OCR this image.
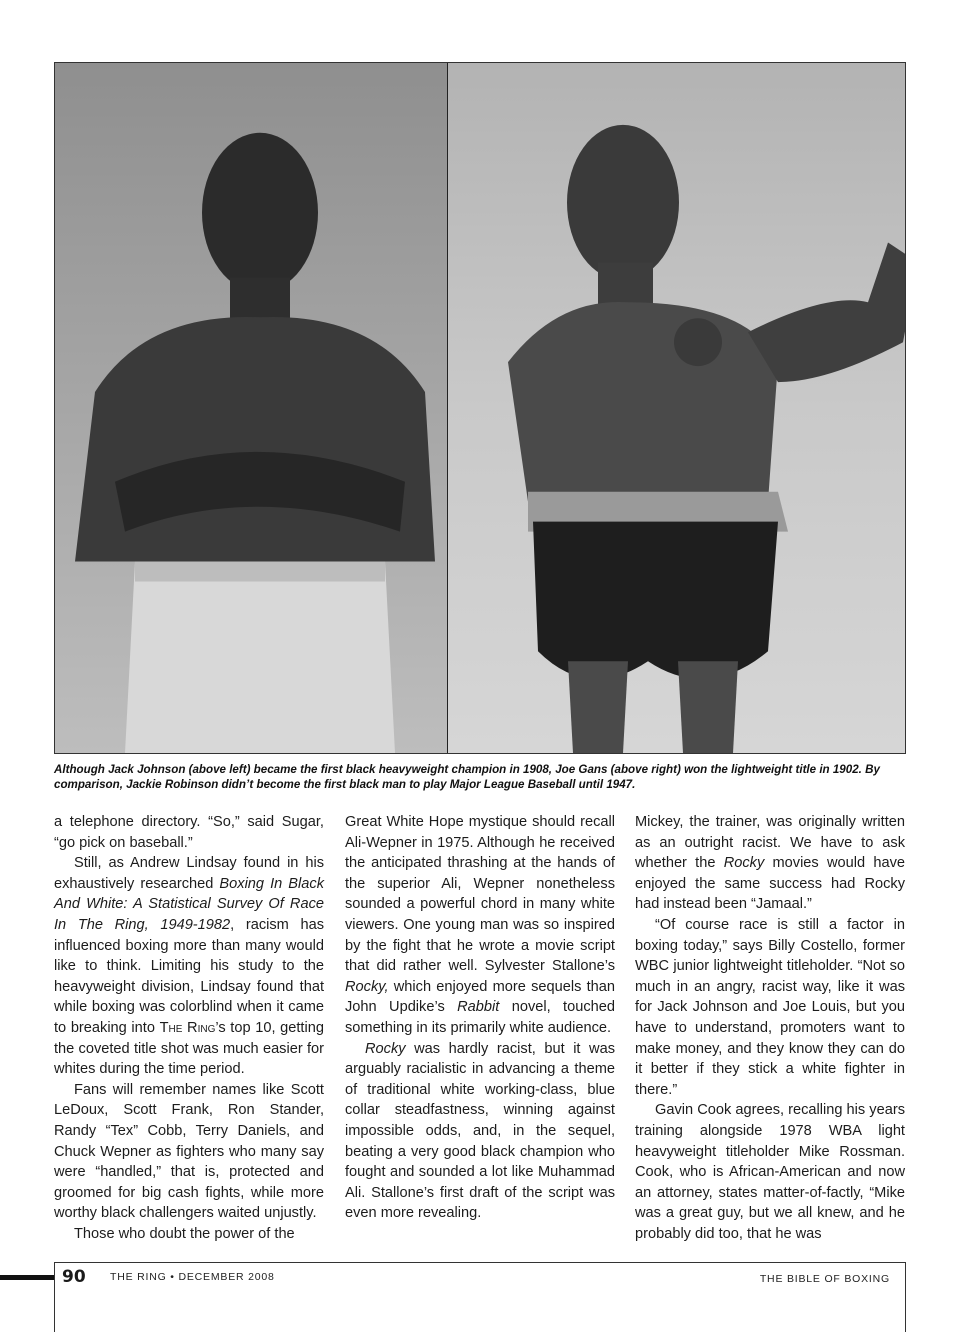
Although Jack Johnson (above left) became the first black heavyweight champion in 1908, Joe Gans (above right) won the lightweight title in 1902. By comparison, Jackie Robinson didn’t become the first black man to play Major League Baseball until 1947.

a telephone directory. “So,” said Sugar, “go pick on baseball.”

Still, as Andrew Lindsay found in his exhaustively researched Boxing In Black And White: A Statistical Survey Of Race In The Ring, 1949-1982, racism has influenced boxing more than many would like to think. Limiting his study to the heavyweight division, Lindsay found that while boxing was colorblind when it came to breaking into The Ring’s top 10, getting the coveted title shot was much easier for whites during the time period.

Fans will remember names like Scott LeDoux, Scott Frank, Ron Stander, Randy “Tex” Cobb, Terry Daniels, and Chuck Wepner as fighters who many say were “handled,” that is, protected and groomed for big cash fights, while more worthy black challengers waited unjustly.

Those who doubt the power of the

Great White Hope mystique should recall Ali-Wepner in 1975. Although he received the anticipated thrashing at the hands of the superior Ali, Wepner nonetheless sounded a powerful chord in many white viewers. One young man was so inspired by the fight that he wrote a movie script that did rather well. Sylvester Stallone’s Rocky, which enjoyed more sequels than John Updike’s Rabbit novel, touched something in its primarily white audience.

Rocky was hardly racist, but it was arguably racialistic in advancing a theme of traditional white working-class, blue collar steadfastness, winning against impossible odds, and, in the sequel, beating a very good black champion who fought and sounded a lot like Muhammad Ali. Stallone’s first draft of the script was even more revealing.

Mickey, the trainer, was originally written as an outright racist. We have to ask whether the Rocky movies would have enjoyed the same success had Rocky had instead been “Jamaal.”

“Of course race is still a factor in boxing today,” says Billy Costello, former WBC junior lightweight titleholder. “Not so much in an angry, racist way, like it was for Jack Johnson and Joe Louis, but you have to understand, promoters want to make money, and they know they can do it better if they stick a white fighter in there.”

Gavin Cook agrees, recalling his years training alongside 1978 WBA light heavyweight titleholder Mike Rossman. Cook, who is African-American and now an attorney, states matter-of-factly, “Mike was a great guy, but we all knew, and he probably did too, that he was

90 THE RING • DECEMBER 2008	THE BIBLE OF BOXING
